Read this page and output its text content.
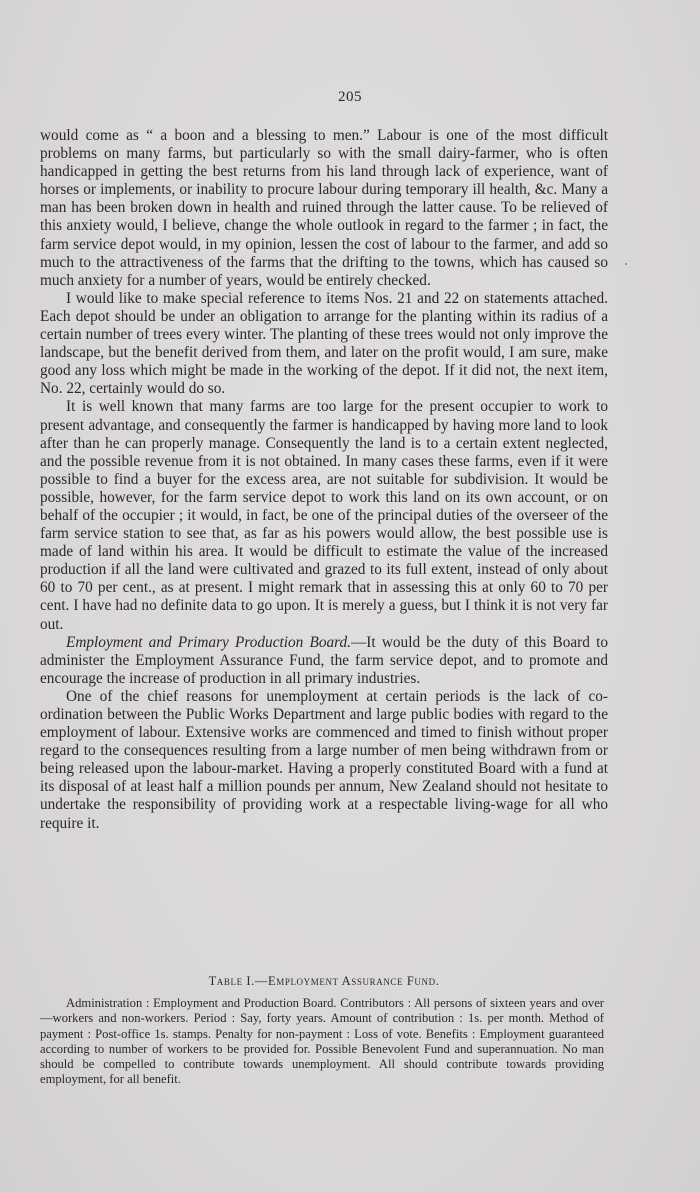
205

would come as “ a boon and a blessing to men.” Labour is one of the most difficult problems on many farms, but particularly so with the small dairy-farmer, who is often handicapped in getting the best returns from his land through lack of experience, want of horses or implements, or inability to procure labour during temporary ill health, &c. Many a man has been broken down in health and ruined through the latter cause. To be relieved of this anxiety would, I believe, change the whole outlook in regard to the farmer ; in fact, the farm service depot would, in my opinion, lessen the cost of labour to the farmer, and add so much to the attractiveness of the farms that the drifting to the towns, which has caused so much anxiety for a number of years, would be entirely checked.

I would like to make special reference to items Nos. 21 and 22 on statements attached. Each depot should be under an obligation to arrange for the planting within its radius of a certain number of trees every winter. The planting of these trees would not only improve the landscape, but the benefit derived from them, and later on the profit would, I am sure, make good any loss which might be made in the working of the depot. If it did not, the next item, No. 22, certainly would do so.

It is well known that many farms are too large for the present occupier to work to present advantage, and consequently the farmer is handicapped by having more land to look after than he can properly manage. Consequently the land is to a certain extent neglected, and the possible revenue from it is not obtained. In many cases these farms, even if it were possible to find a buyer for the excess area, are not suitable for subdivision. It would be possible, however, for the farm service depot to work this land on its own account, or on behalf of the occupier ; it would, in fact, be one of the principal duties of the overseer of the farm service station to see that, as far as his powers would allow, the best possible use is made of land within his area. It would be difficult to estimate the value of the increased production if all the land were cultivated and grazed to its full extent, instead of only about 60 to 70 per cent., as at present. I might remark that in assessing this at only 60 to 70 per cent. I have had no definite data to go upon. It is merely a guess, but I think it is not very far out.

Employment and Primary Production Board.—It would be the duty of this Board to administer the Employment Assurance Fund, the farm service depot, and to promote and encourage the increase of production in all primary industries.

One of the chief reasons for unemployment at certain periods is the lack of co-ordination between the Public Works Department and large public bodies with regard to the employment of labour. Extensive works are commenced and timed to finish without proper regard to the consequences resulting from a large number of men being withdrawn from or being released upon the labour-market. Having a properly constituted Board with a fund at its disposal of at least half a million pounds per annum, New Zealand should not hesitate to undertake the responsibility of providing work at a respectable living-wage for all who require it.

Table I.—Employment Assurance Fund.
Administration : Employment and Production Board. Contributors : All persons of sixteen years and over—workers and non-workers. Period : Say, forty years. Amount of contribution : 1s. per month. Method of payment : Post-office 1s. stamps. Penalty for non-payment : Loss of vote. Benefits : Employment guaranteed according to number of workers to be provided for. Possible Benevolent Fund and superannuation. No man should be compelled to contribute towards unemployment. All should contribute towards providing employment, for all benefit.
